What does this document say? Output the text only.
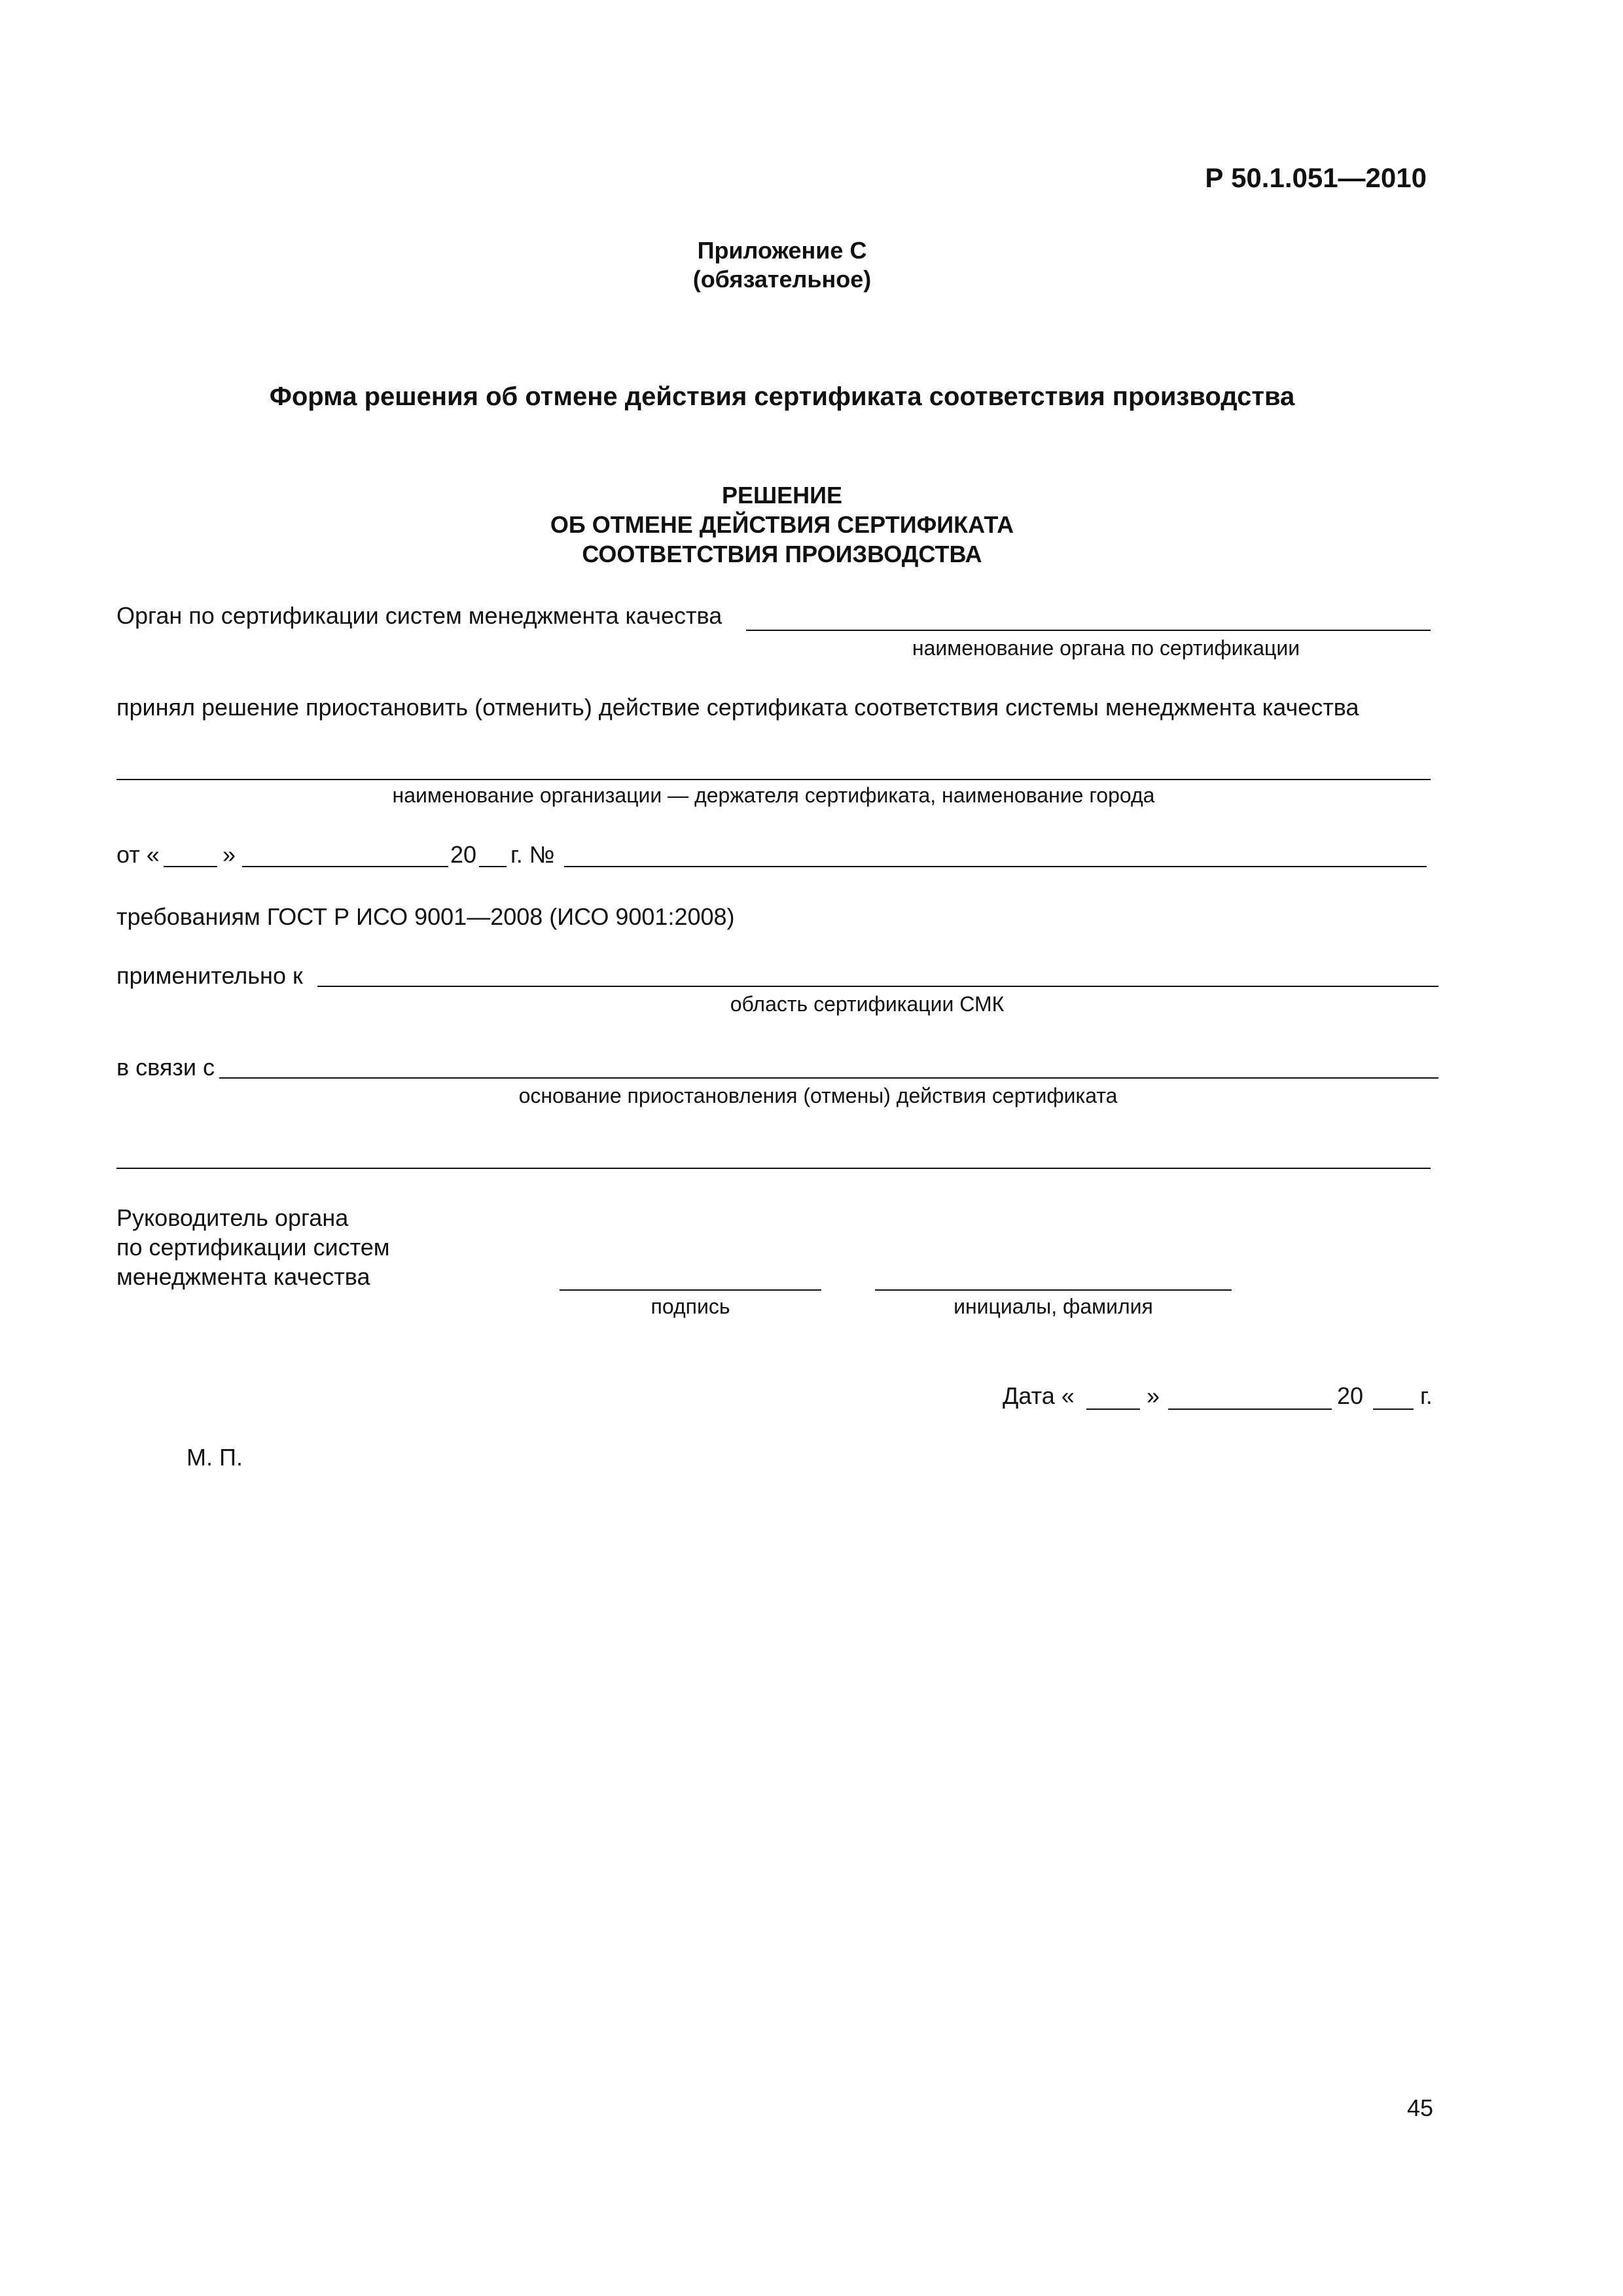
Р 50.1.051—2010
Приложение С
(обязательное)
Форма решения об отмене действия сертификата соответствия производства
РЕШЕНИЕ
ОБ ОТМЕНЕ ДЕЙСТВИЯ СЕРТИФИКАТА
СООТВЕТСТВИЯ ПРОИЗВОДСТВА
Орган по сертификации систем менеджмента качества
наименование органа по сертификации
принял решение приостановить (отменить) действие сертификата соответствия системы менеджмента качества
наименование организации — держателя сертификата, наименование города
от «	»	20 г. №
требованиям ГОСТ Р ИСО 9001—2008 (ИСО 9001:2008)
применительно к
область сертификации СМК
в связи с
основание приостановления (отмены) действия сертификата
Руководитель органа
по сертификации систем
менеджмента качества
подпись	инициалы, фамилия
Дата «	»	20 г.
М. П.
45
